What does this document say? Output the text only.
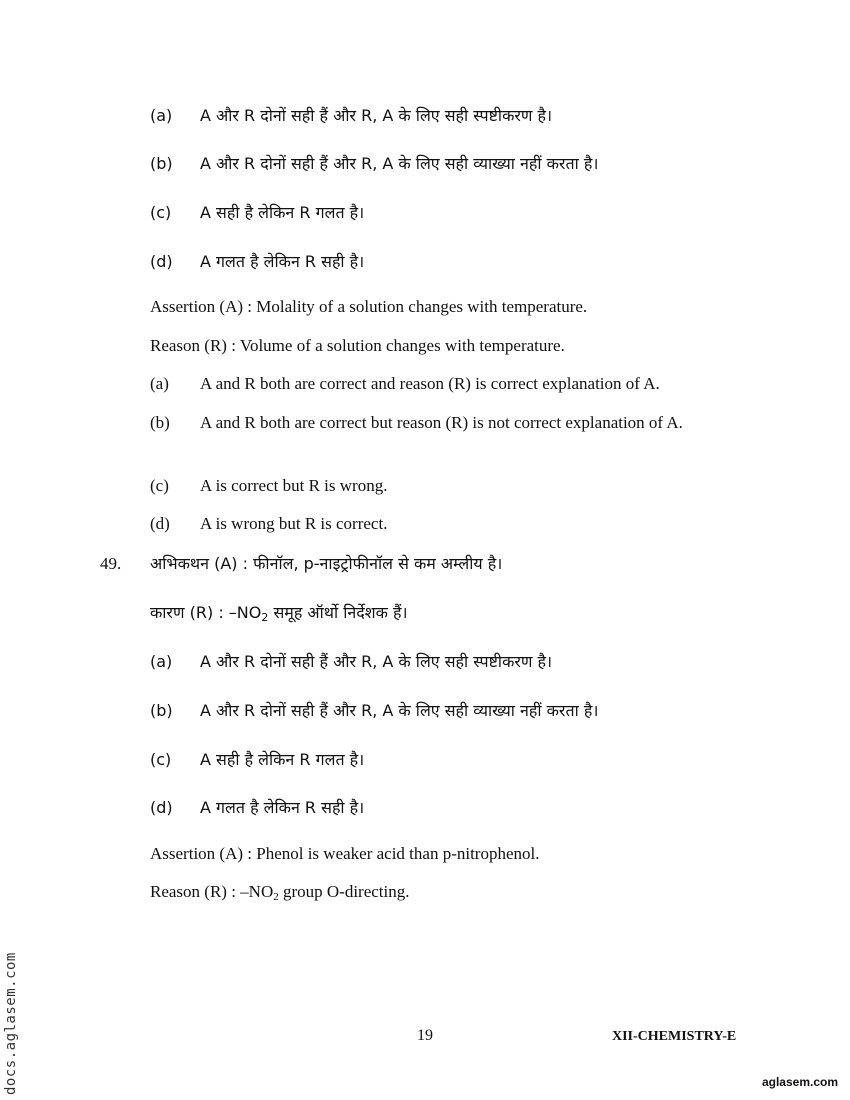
(a) A और R दोनों सही हैं और R, A के लिए सही स्पष्टीकरण है।
(b) A और R दोनों सही हैं और R, A के लिए सही व्याख्या नहीं करता है।
(c) A सही है लेकिन R गलत है।
(d) A गलत है लेकिन R सही है।
Assertion (A) : Molality of a solution changes with temperature.
Reason (R) : Volume of a solution changes with temperature.
(a) A and R both are correct and reason (R) is correct explanation of A.
(b) A and R both are correct but reason (R) is not correct explanation of A.
(c) A is correct but R is wrong.
(d) A is wrong but R is correct.
49. अभिकथन (A) : फीनॉल, p-नाइट्रोफीनॉल से कम अम्लीय है।
कारण (R) : $-NO_2$ समूह ऑर्थो निर्देशक हैं।
(a) A और R दोनों सही हैं और R, A के लिए सही स्पष्टीकरण है।
(b) A और R दोनों सही हैं और R, A के लिए सही व्याख्या नहीं करता है।
(c) A सही है लेकिन R गलत है।
(d) A गलत है लेकिन R सही है।
Assertion (A) : Phenol is weaker acid than p-nitrophenol.
Reason (R) : $-NO_2$ group O-directing.
19	XII-CHEMISTRY-E
docs.aglasem.com	aglasem.com
